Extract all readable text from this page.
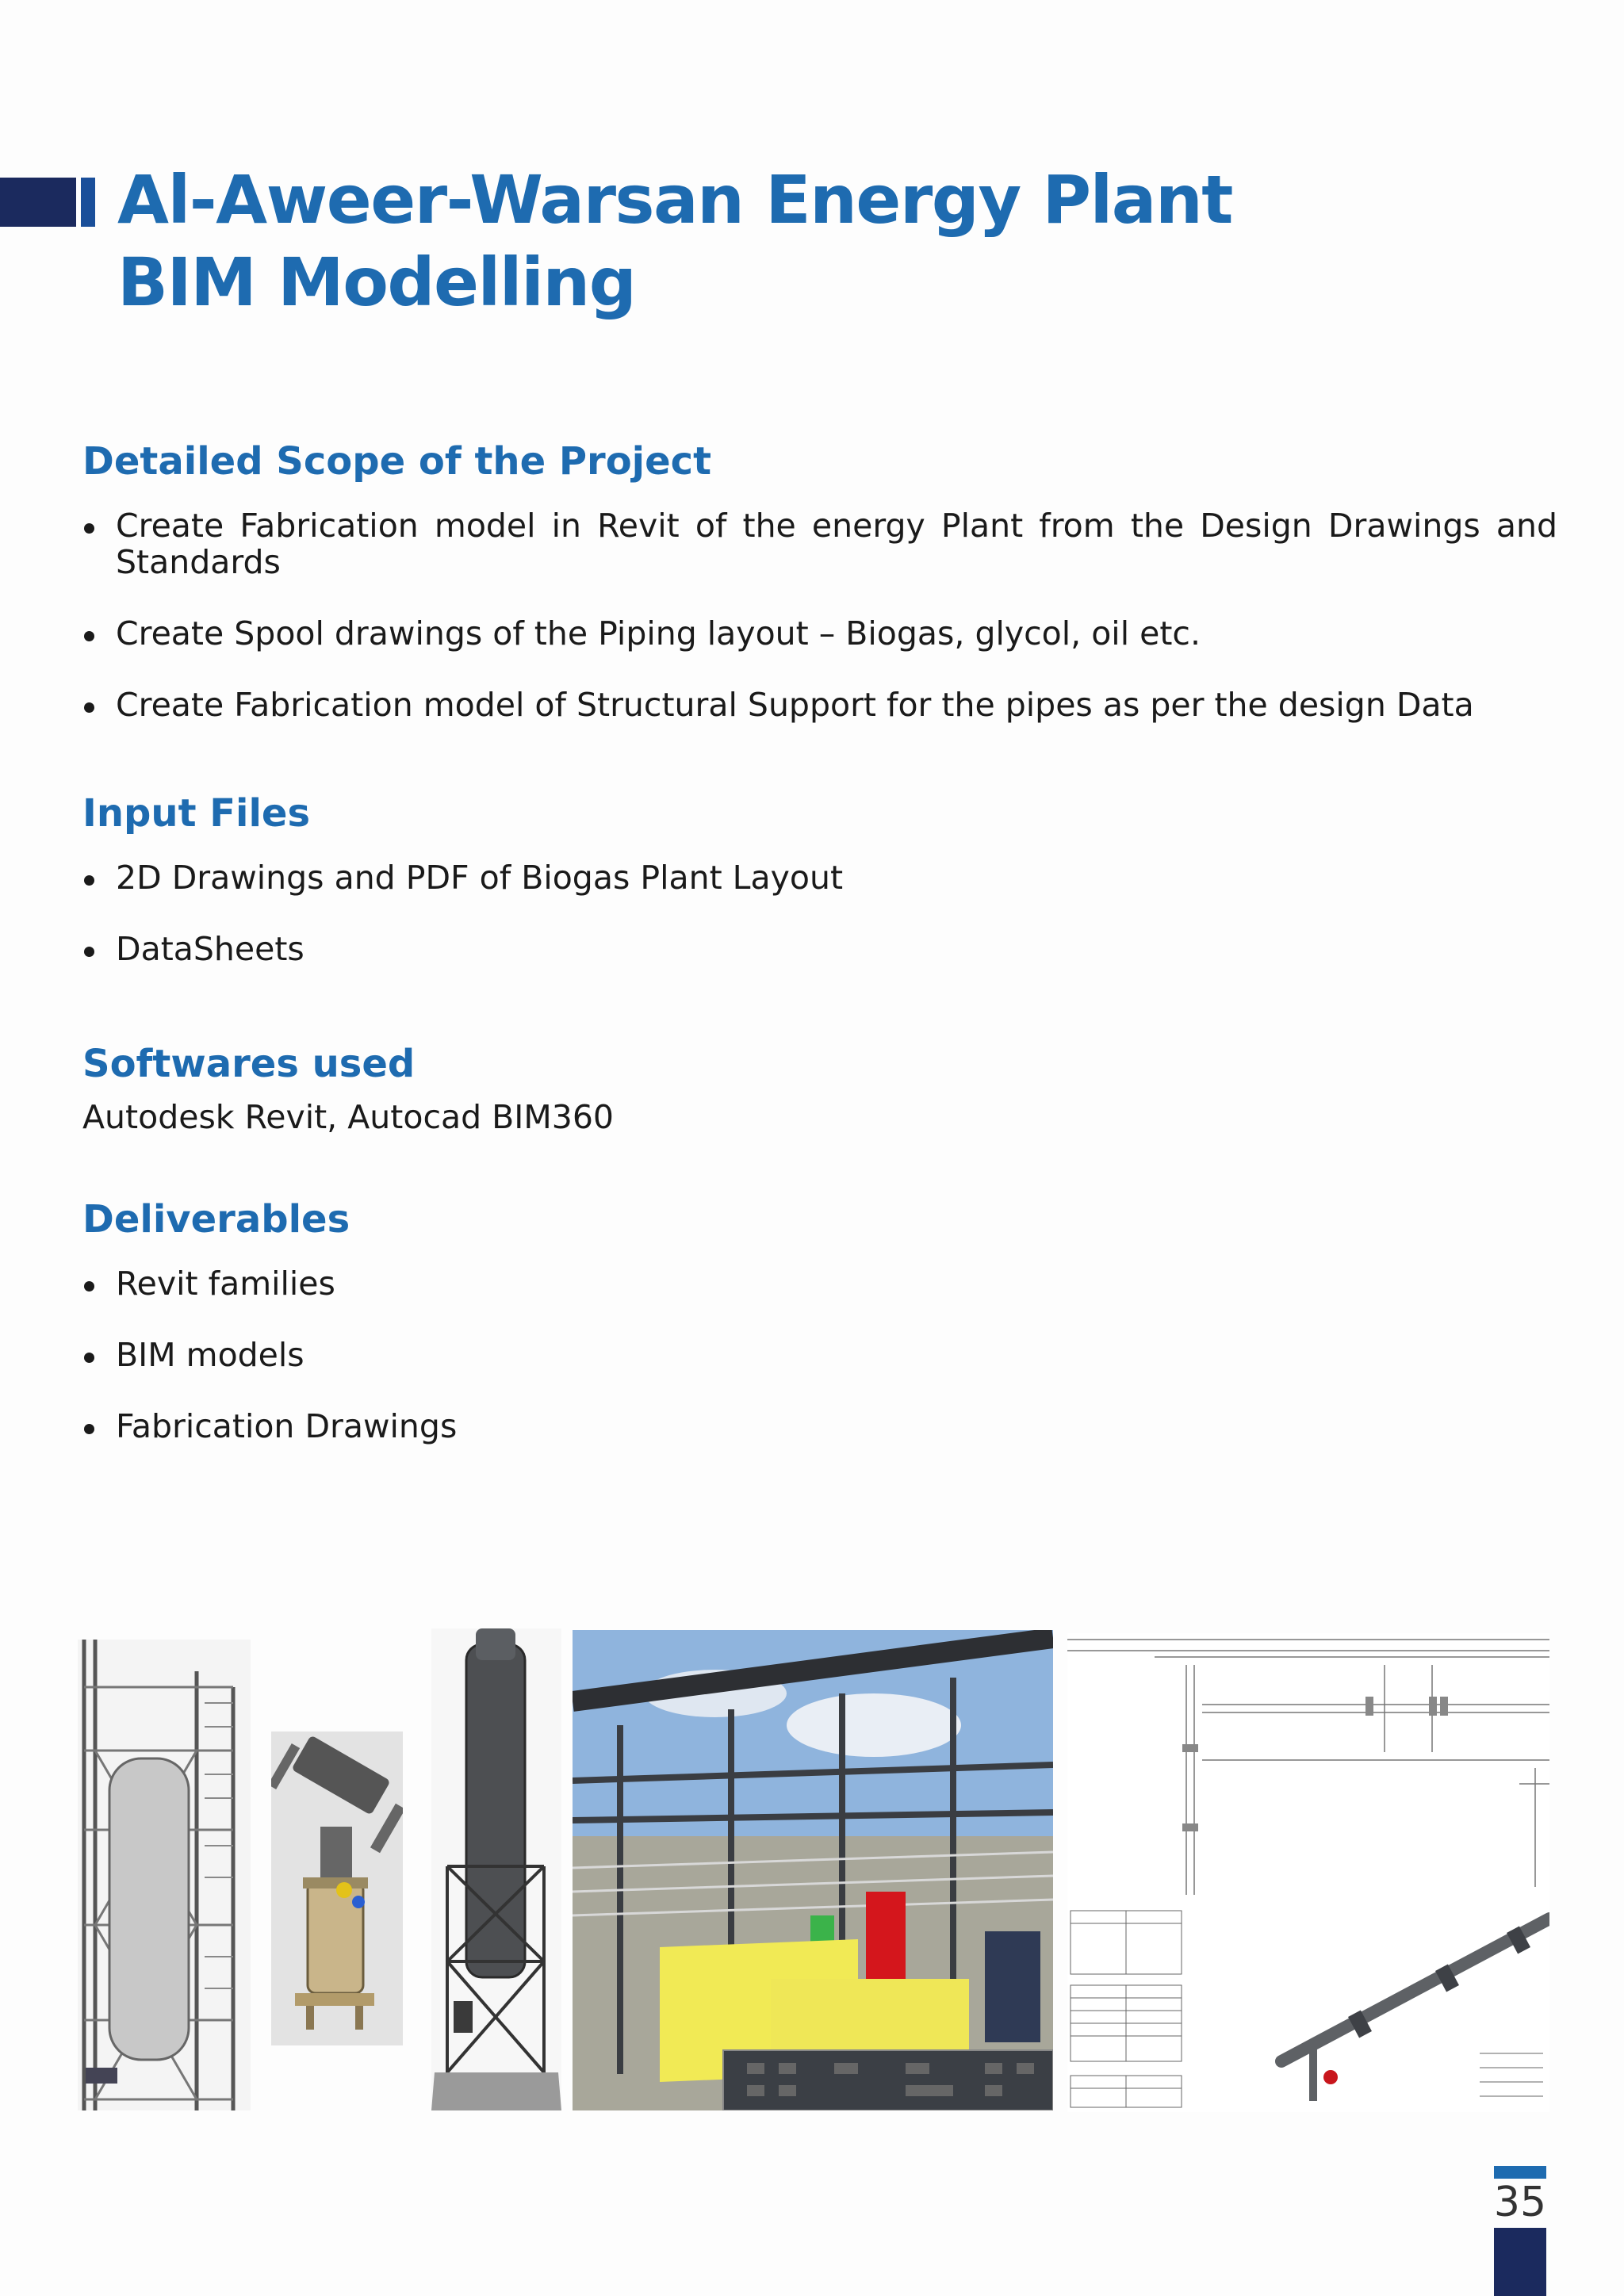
Al-Aweer-Warsan Energy Plant
BIM Modelling
Detailed Scope of the Project
Create Fabrication model in Revit of the energy Plant from the Design Drawings and Standards
Create Spool drawings of the Piping layout – Biogas, glycol, oil etc.
Create Fabrication model of Structural Support for the pipes as per the design Data
Input Files
2D Drawings and PDF of Biogas Plant Layout
DataSheets
Softwares used

Autodesk Revit, Autocad BIM360

Deliverables
Revit families
BIM models
Fabrication Drawings
35
